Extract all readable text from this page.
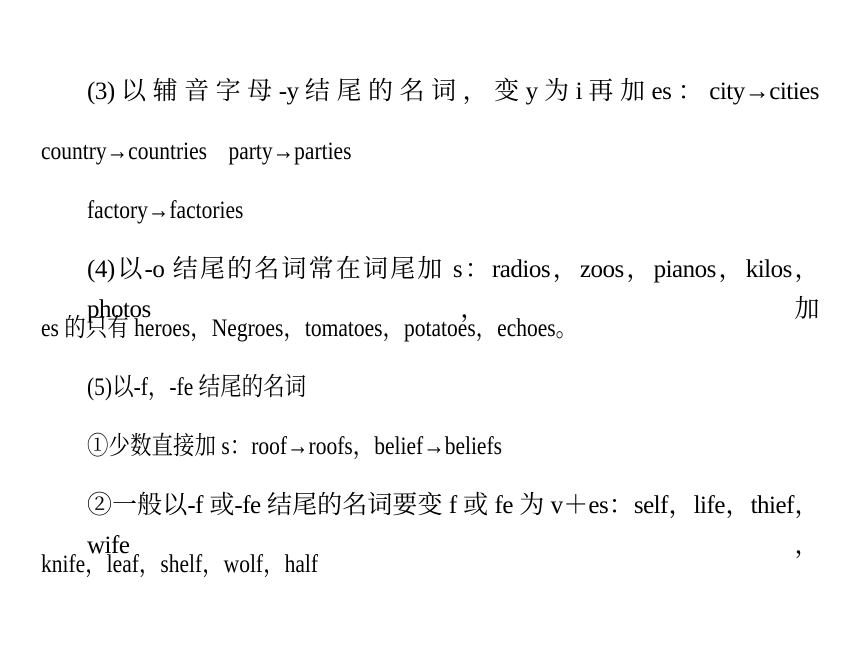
(3) 以 辅 音 字 母 -y 结 尾 的 名 词 ， 变 y 为 i 再 加 es ： city→cities
country→countries　party→parties
factory→factories
(4)以-o 结尾的名词常在词尾加 s：radios，zoos，pianos，kilos，photos，加
es 的只有 heroes，Negroes，tomatoes，potatoes，echoes。
(5)以-f，-fe 结尾的名词
①少数直接加 s：roof→roofs，belief→beliefs
②一般以-f 或-fe 结尾的名词要变 f 或 fe 为 v＋es：self，life，thief，wife，
knife，leaf，shelf，wolf，half
